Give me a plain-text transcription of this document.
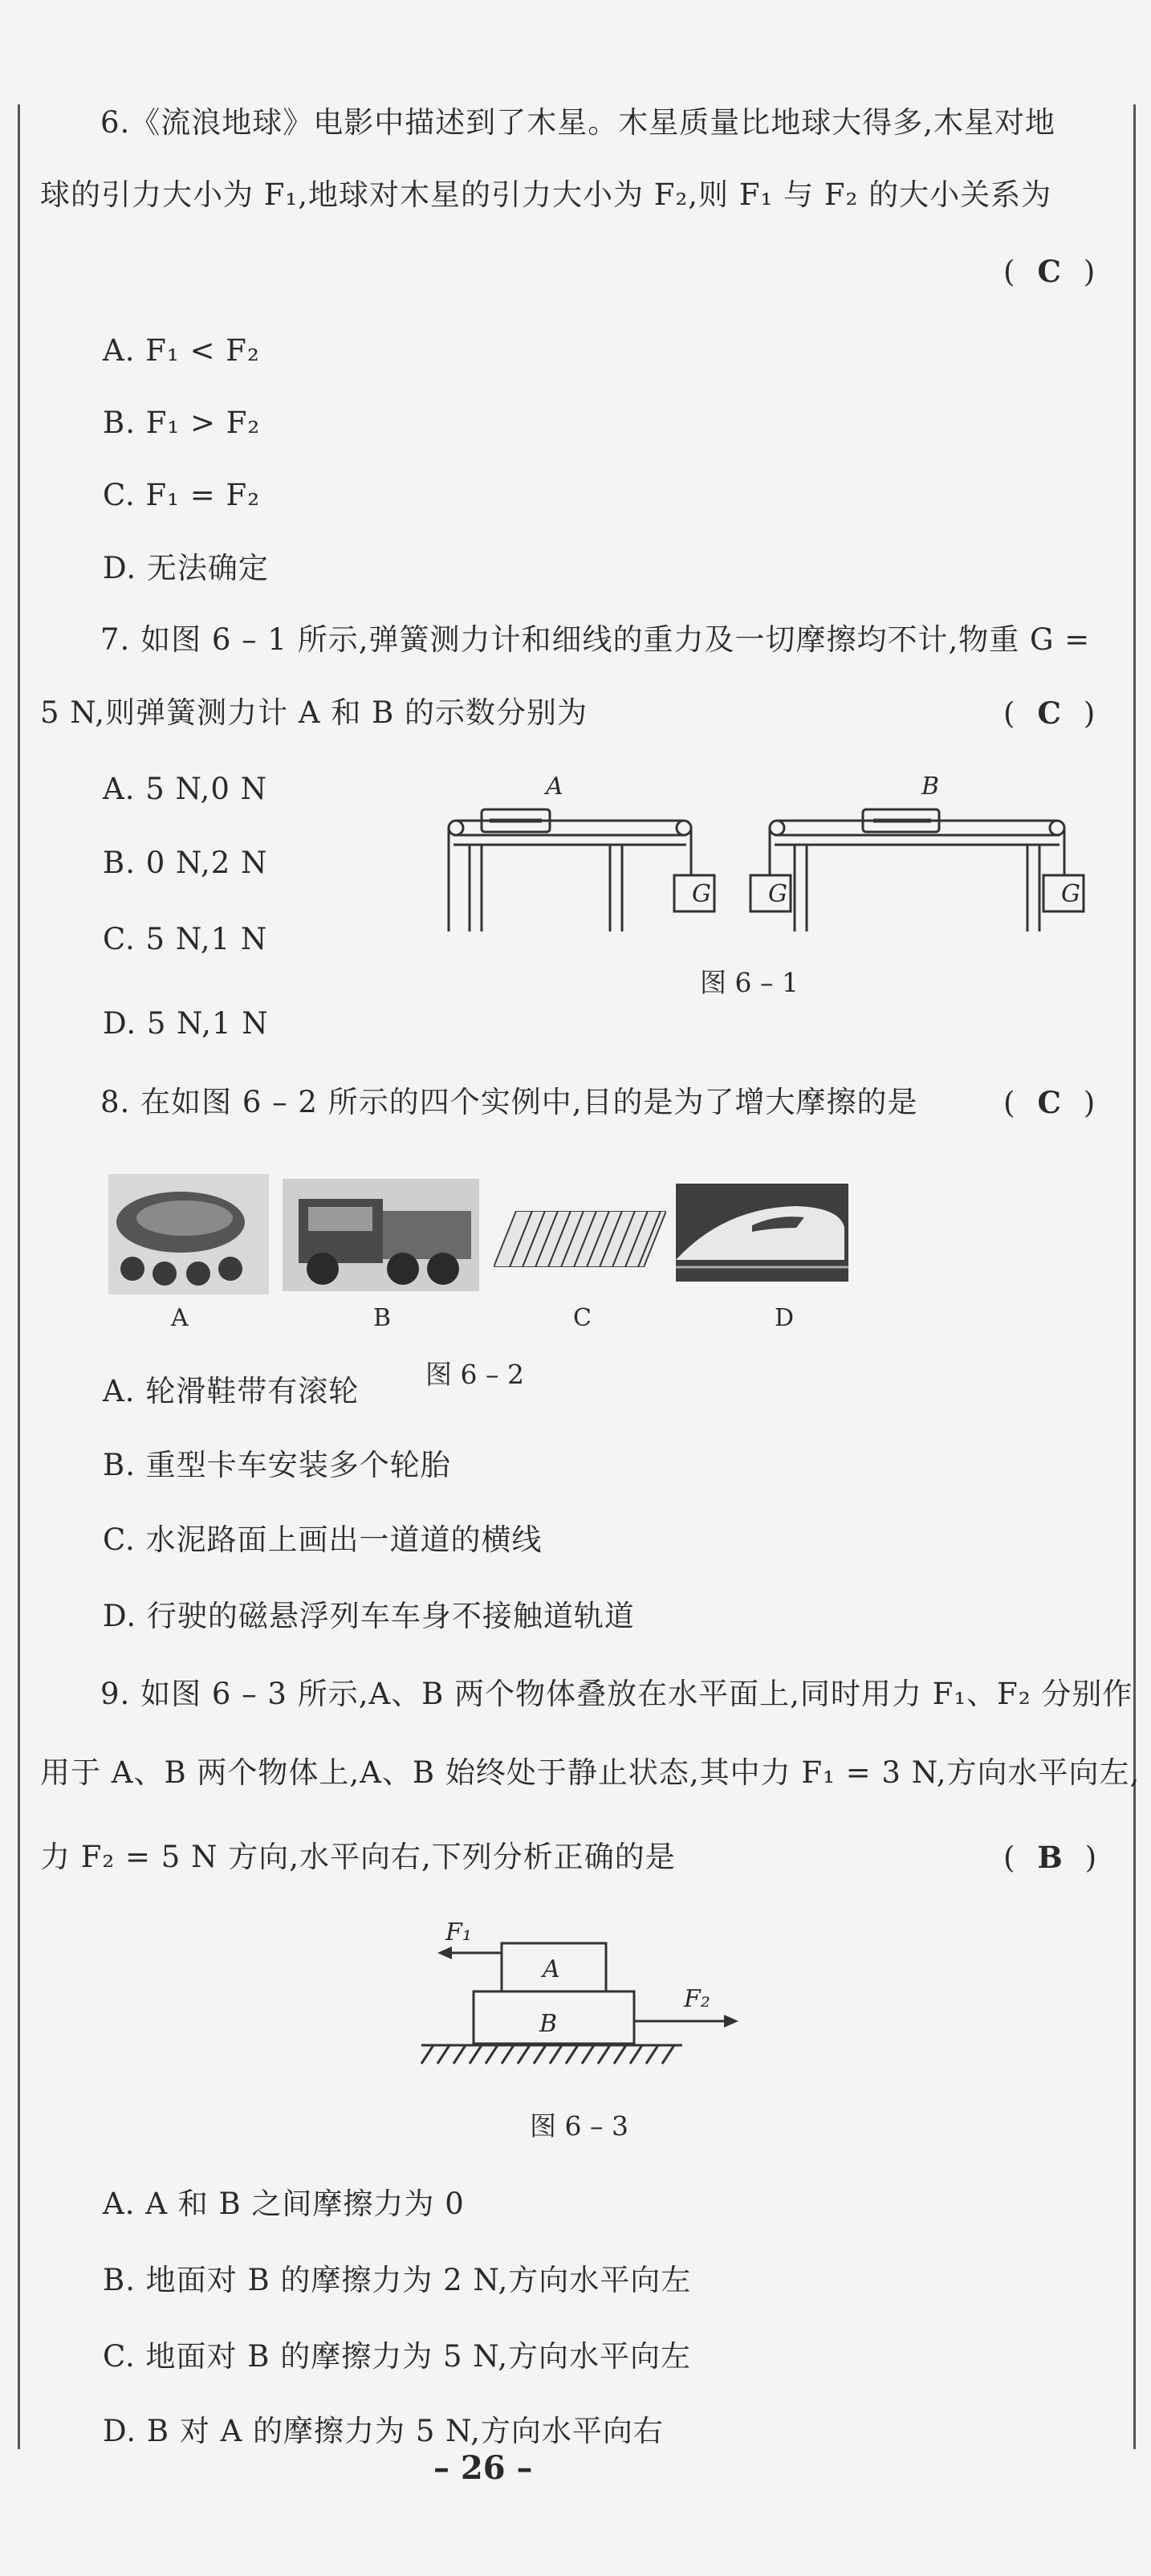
6.《流浪地球》电影中描述到了木星。木星质量比地球大得多,木星对地
球的引力大小为 F₁,地球对木星的引力大小为 F₂,则 F₁ 与 F₂ 的大小关系为
( C )
A. F₁ < F₂
B. F₁ > F₂
C. F₁ = F₂
D. 无法确定
7. 如图 6 – 1 所示,弹簧测力计和细线的重力及一切摩擦均不计,物重 G =
5 N,则弹簧测力计 A 和 B 的示数分别为	( C )
A. 5 N,0 N
B. 0 N,2 N
C. 5 N,1 N
D. 5 N,1 N
A	B
G G	G
图 6 – 1
8. 在如图 6 – 2 所示的四个实例中,目的是为了增大摩擦的是	( C )
A	B	C	D
图 6 – 2
A. 轮滑鞋带有滚轮
B. 重型卡车安装多个轮胎
C. 水泥路面上画出一道道的横线
D. 行驶的磁悬浮列车车身不接触道轨道
9. 如图 6 – 3 所示,A、B 两个物体叠放在水平面上,同时用力 F₁、F₂ 分别作
用于 A、B 两个物体上,A、B 始终处于静止状态,其中力 F₁ = 3 N,方向水平向左,
力 F₂ = 5 N 方向,水平向右,下列分析正确的是	( B )
A
B
F₁
F₂
图 6 – 3
A. A 和 B 之间摩擦力为 0
B. 地面对 B 的摩擦力为 2 N,方向水平向左
C. 地面对 B 的摩擦力为 5 N,方向水平向左
D. B 对 A 的摩擦力为 5 N,方向水平向右
– 26 –
